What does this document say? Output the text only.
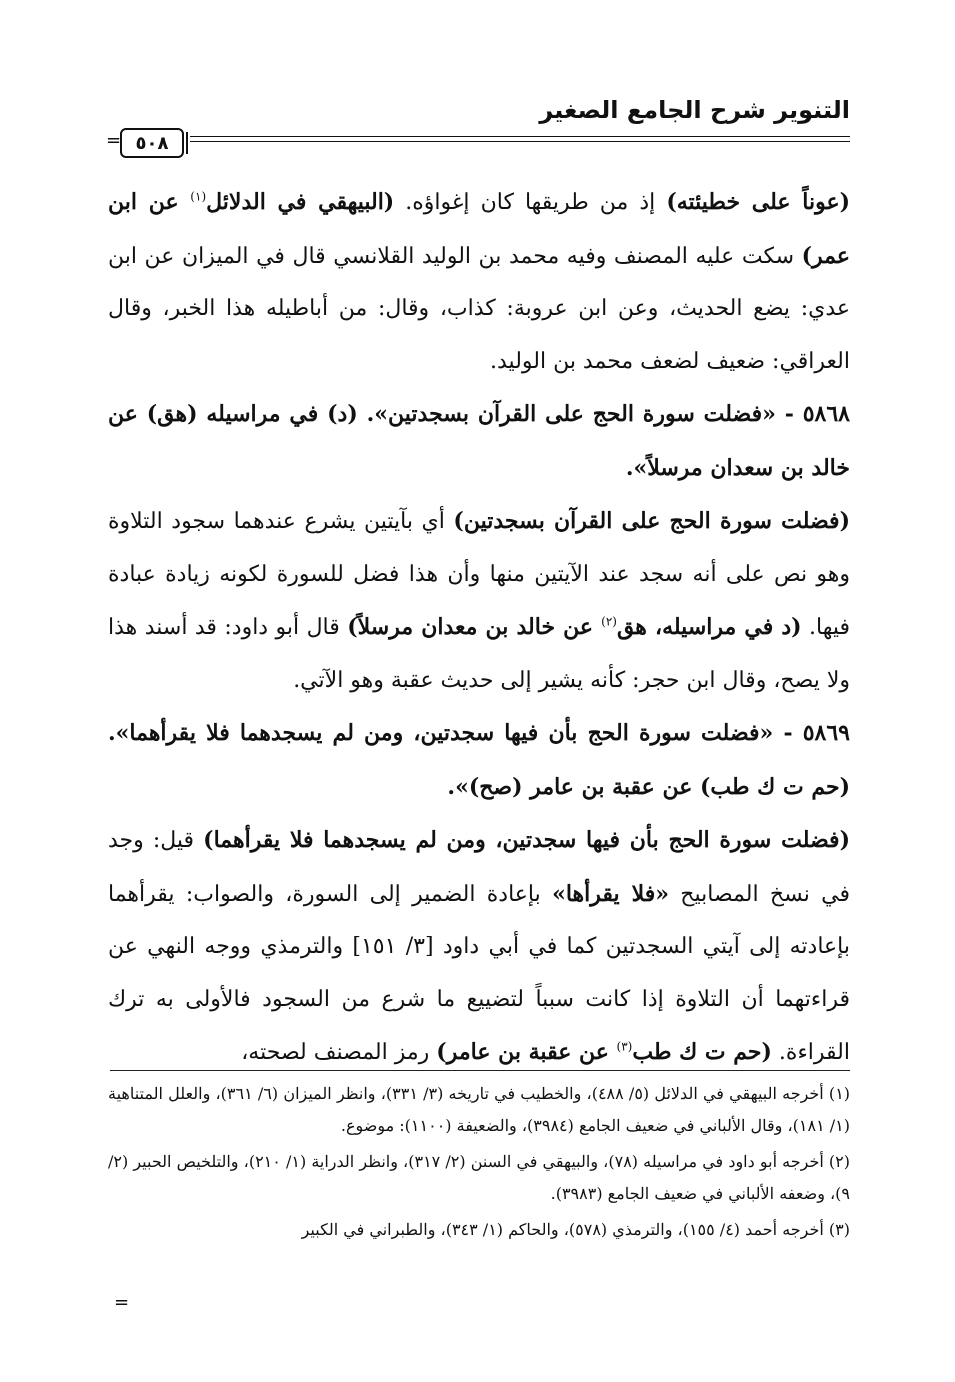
التنوير شرح الجامع الصغير
٥٠٨
=

(عوناً على خطيئته) إذ من طريقها كان إغواؤه. (البيهقي في الدلائل$^{(١)}$ عن ابن عمر) سكت عليه المصنف وفيه محمد بن الوليد القلانسي قال في الميزان عن ابن عدي: يضع الحديث، وعن ابن عروبة: كذاب، وقال: من أباطيله هذا الخبر، وقال العراقي: ضعيف لضعف محمد بن الوليد.

٥٨٦٨ - «فضلت سورة الحج على القرآن بسجدتين». (د) في مراسيله (هق) عن خالد بن سعدان مرسلاً».

(فضلت سورة الحج على القرآن بسجدتين) أي بآيتين يشرع عندهما سجود التلاوة وهو نص على أنه سجد عند الآيتين منها وأن هذا فضل للسورة لكونه زيادة عبادة فيها. (د في مراسيله، هق$^{(٢)}$ عن خالد بن معدان مرسلاً) قال أبو داود: قد أسند هذا ولا يصح، وقال ابن حجر: كأنه يشير إلى حديث عقبة وهو الآتي.

٥٨٦٩ - «فضلت سورة الحج بأن فيها سجدتين، ومن لم يسجدهما فلا يقرأهما». (حم ت ك طب) عن عقبة بن عامر (صح)».

(فضلت سورة الحج بأن فيها سجدتين، ومن لم يسجدهما فلا يقرأهما) قيل: وجد في نسخ المصابيح «فلا يقرأها» بإعادة الضمير إلى السورة، والصواب: يقرأهما بإعادته إلى آيتي السجدتين كما في أبي داود [٣/ ١٥١] والترمذي ووجه النهي عن قراءتهما أن التلاوة إذا كانت سبباً لتضييع ما شرع من السجود فالأولى به ترك القراءة. (حم ت ك طب$^{(٣)}$ عن عقبة بن عامر) رمز المصنف لصحته،

(١) أخرجه البيهقي في الدلائل (٥/ ٤٨٨)، والخطيب في تاريخه (٣/ ٣٣١)، وانظر الميزان (٦/ ٣٦١)، والعلل المتناهية (١/ ١٨١)، وقال الألباني في ضعيف الجامع (٣٩٨٤)، والضعيفة (١١٠٠): موضوع.

(٢) أخرجه أبو داود في مراسيله (٧٨)، والبيهقي في السنن (٢/ ٣١٧)، وانظر الدراية (١/ ٢١٠)، والتلخيص الحبير (٢/ ٩)، وضعفه الألباني في ضعيف الجامع (٣٩٨٣).

(٣) أخرجه أحمد (٤/ ١٥٥)، والترمذي (٥٧٨)، والحاكم (١/ ٣٤٣)، والطبراني في الكبير

=
